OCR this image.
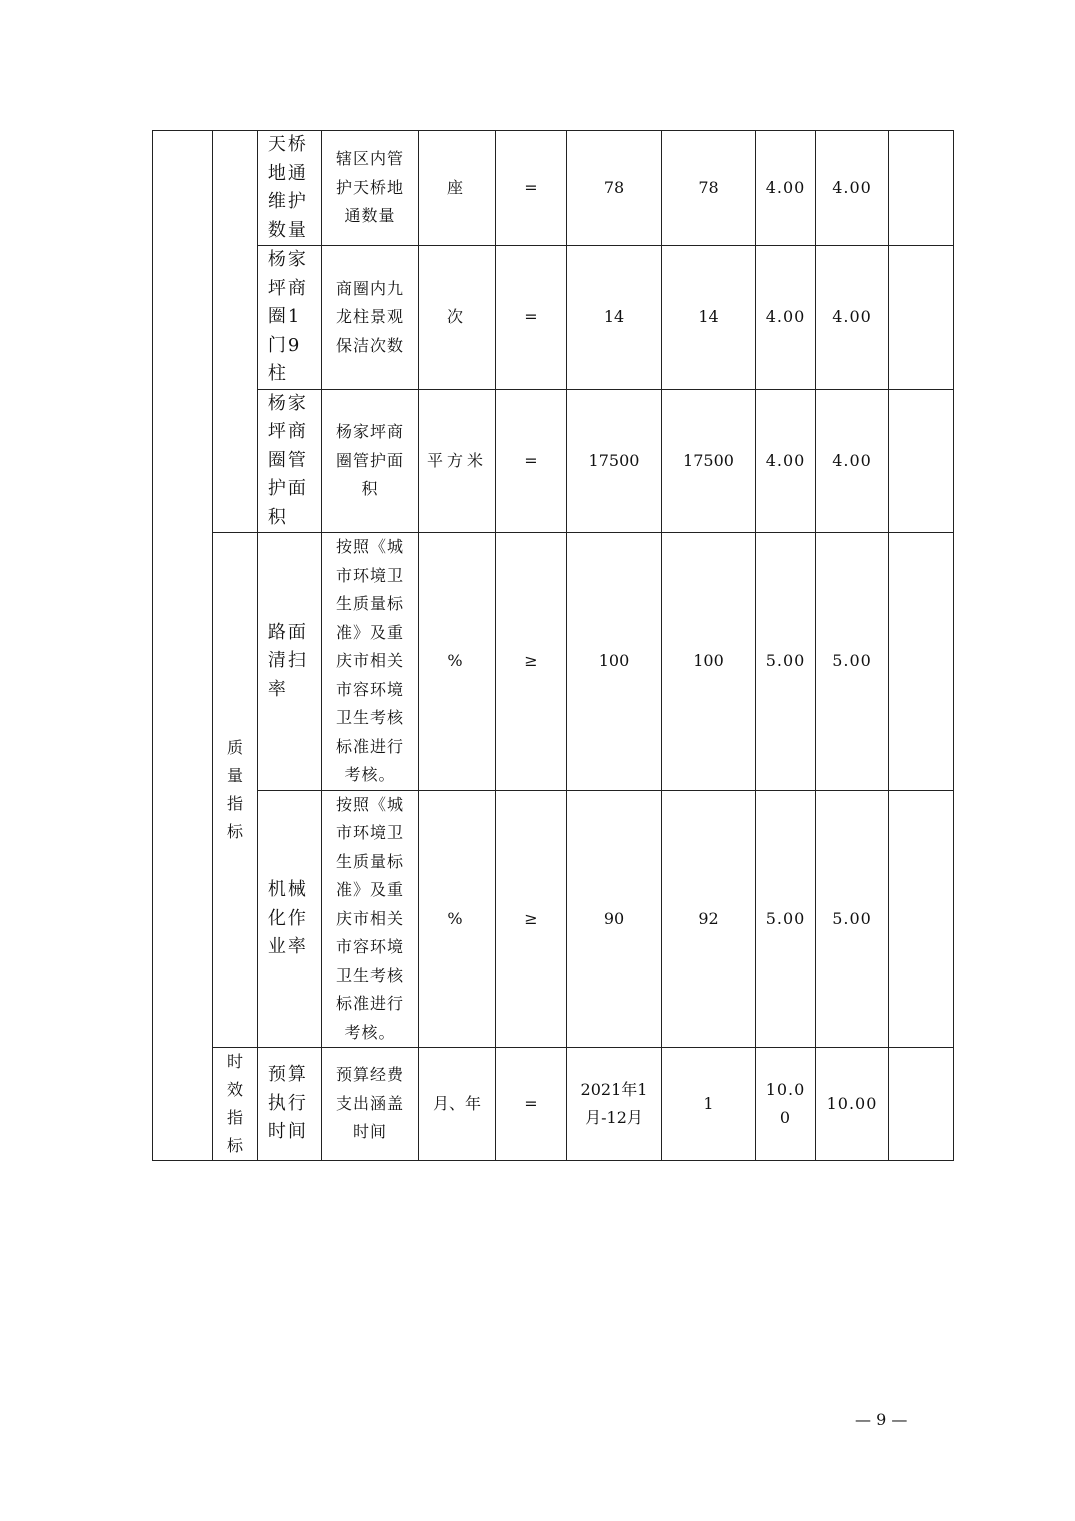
		天桥地通维护数量	辖区内管护天桥地通数量	座	=	78	78	4.00	4.00	
		杨家坪商圈1门9柱	商圈内九龙柱景观保洁次数	次	=	14	14	4.00	4.00	
		杨家坪商圈管护面积	杨家坪商圈管护面积	平方米	=	17500	17500	4.00	4.00	
	质量指标	路面清扫率	按照《城市环境卫生质量标准》及重庆市相关市容环境卫生考核标准进行考核。	%	≥	100	100	5.00	5.00	
		机械化作业率	按照《城市环境卫生质量标准》及重庆市相关市容环境卫生考核标准进行考核。	%	≥	90	92	5.00	5.00	
	时效指标	预算执行时间	预算经费支出涵盖时间	月、年	=	2021年1月-12月	1	10.00	10.00	
— 9 —
